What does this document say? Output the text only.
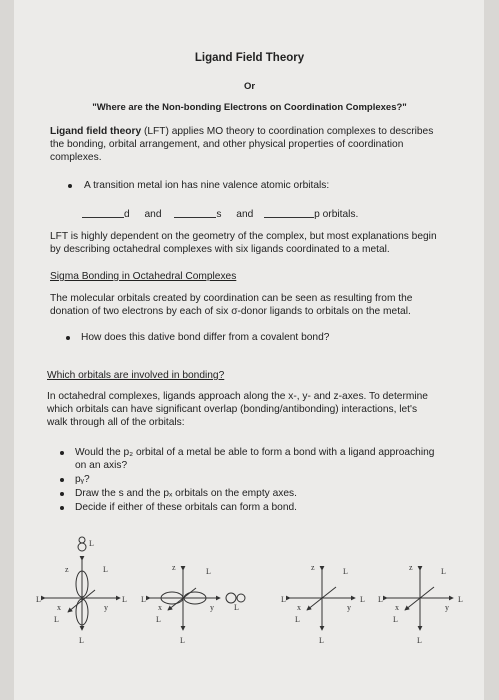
Ligand Field Theory
Or
"Where are the Non-bonding Electrons on Coordination Complexes?"
Ligand field theory (LFT) applies MO theory to coordination complexes to describes
the bonding, orbital arrangement, and other physical properties of coordination
complexes.
A transition metal ion has nine valence atomic orbitals:
d and	s and	p orbitals.
LFT is highly dependent on the geometry of the complex, but most explanations begin
by describing octahedral complexes with six ligands coordinated to a metal.
Sigma Bonding in Octahedral Complexes
The molecular orbitals created by coordination can be seen as resulting from the
donation of two electrons by each of six σ-donor ligands to orbitals on the metal.
How does this dative bond differ from a covalent bond?
Which orbitals are involved in bonding?
In octahedral complexes, ligands approach along the x-, y- and z-axes. To determine
which orbitals can have significant overlap (bonding/antibonding) interactions, let's
walk through all of the orbitals:
Would the p₂ orbital of a metal be able to form a bond with a ligand approaching
on an axis?
pᵧ?
Draw the s and the pₓ orbitals on the empty axes.
Decide if either of these orbitals can form a bond.
L
z	L
L	L
x	y
L
L
z	L
L
x	y	L
L
L
z	L
L	L
x	y
L
L
z	L
L	L
x	y
L
L
